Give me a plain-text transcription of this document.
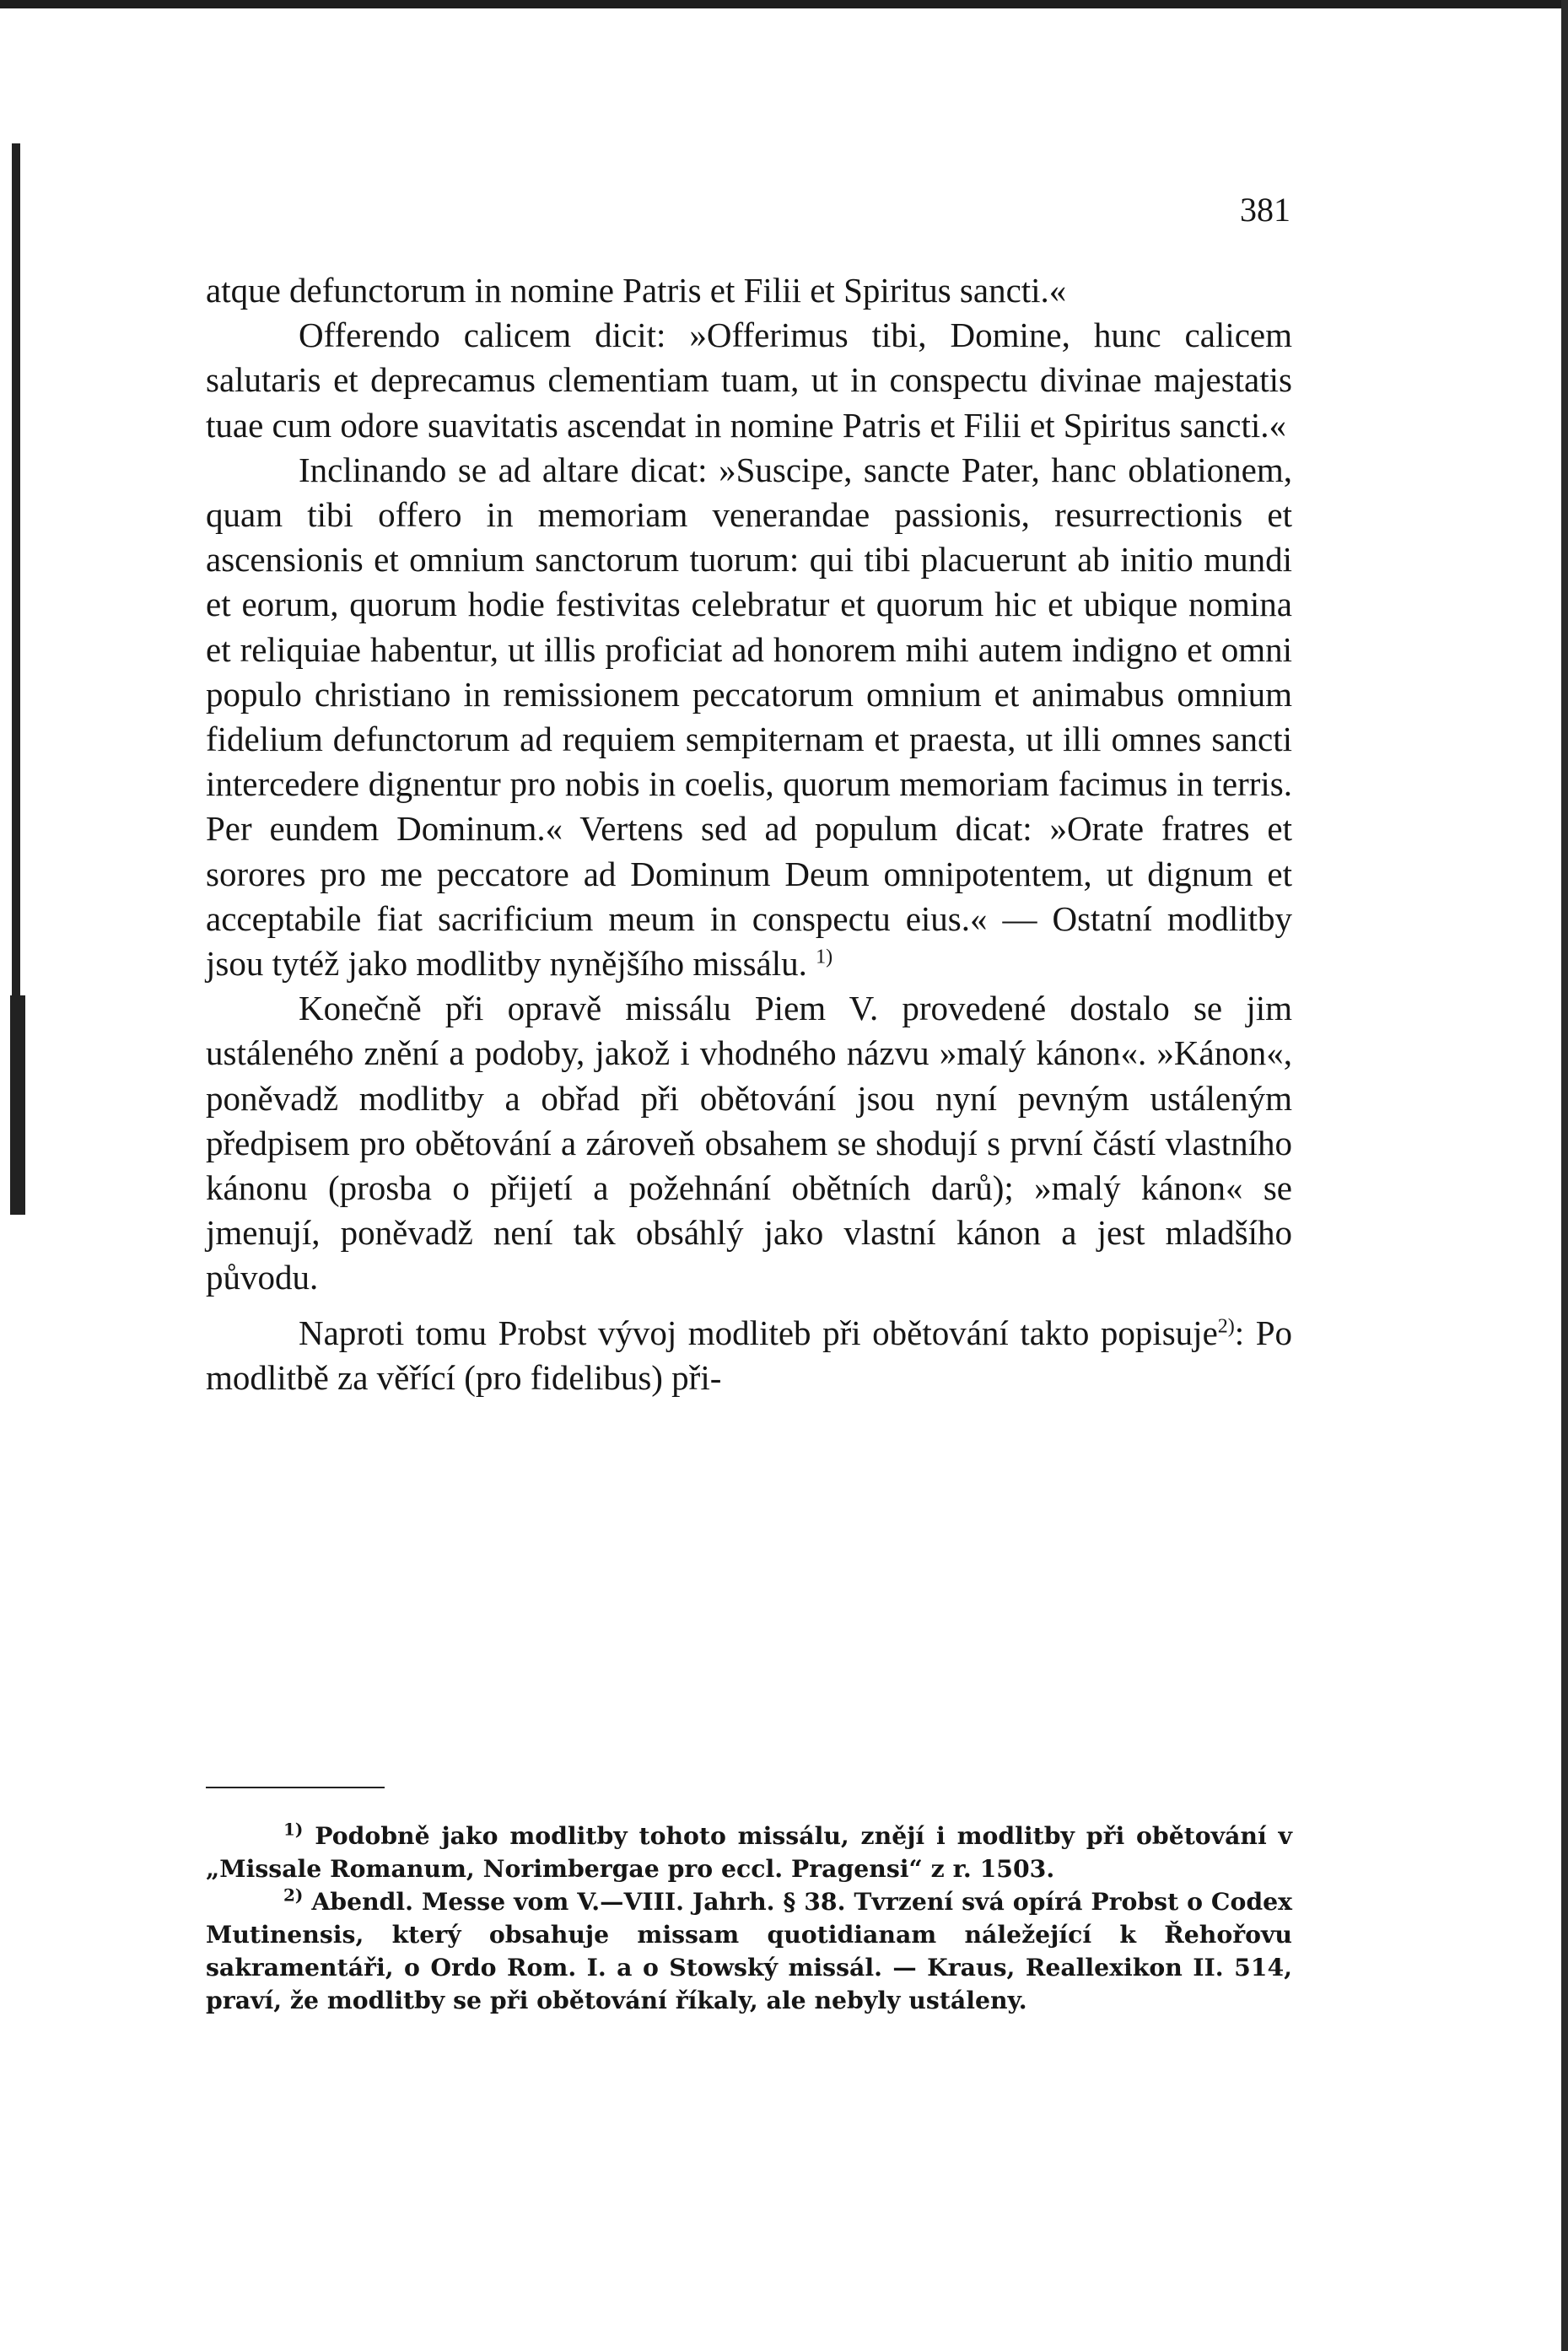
381

atque defunctorum in nomine Patris et Filii et Spiritus sancti.«

Offerendo calicem dicit: »Offerimus tibi, Domine, hunc calicem salutaris et deprecamus clementiam tuam, ut in conspectu divinae majestatis tuae cum odore suavitatis ascendat in nomine Patris et Filii et Spiritus sancti.«

Inclinando se ad altare dicat: »Suscipe, sancte Pater, hanc oblationem, quam tibi offero in memoriam venerandae passionis, resurrectionis et ascensionis et omnium sanctorum tuorum: qui tibi placuerunt ab initio mundi et eorum, quorum hodie festivitas celebratur et quorum hic et ubique nomina et reliquiae habentur, ut illis proficiat ad honorem mihi autem indigno et omni populo christiano in remissionem peccatorum omnium et animabus omnium fidelium defunctorum ad requiem sempiternam et praesta, ut illi omnes sancti intercedere dignentur pro nobis in coelis, quorum memoriam facimus in terris. Per eundem Dominum.« Vertens sed ad populum dicat: »Orate fratres et sorores pro me peccatore ad Dominum Deum omnipotentem, ut dignum et acceptabile fiat sacrificium meum in conspectu eius.« — Ostatní modlitby jsou tytéž jako modlitby nynějšího missálu. $^{1)}$

Konečně při opravě missálu Piem V. provedené dostalo se jim ustáleného znění a podoby, jakož i vhodného názvu »malý kánon«. »Kánon«, poněvadž modlitby a obřad při obětování jsou nyní pevným ustáleným předpisem pro obětování a zároveň obsahem se shodují s první částí vlastního kánonu (prosba o přijetí a požehnání obětních darů); »malý kánon« se jmenují, poněvadž není tak obsáhlý jako vlastní kánon a jest mladšího původu.

Naproti tomu Probst vývoj modliteb při obětování takto popisuje$^{2)}$: Po modlitbě za věřící (pro fidelibus) při-

$^{1)}$ Podobně jako modlitby tohoto missálu, znějí i modlitby při obětování v „Missale Romanum, Norimbergae pro eccl. Pragensi“ z r. 1503.

$^{2)}$ Abendl. Messe vom V.—VIII. Jahrh. § 38. Tvrzení svá opírá Probst o Codex Mutinensis, který obsahuje missam quotidianam náležející k Řehořovu sakramentáři, o Ordo Rom. I. a o Stowský missál. — Kraus, Reallexikon II. 514, praví, že modlitby se při obětování říkaly, ale nebyly ustáleny.
